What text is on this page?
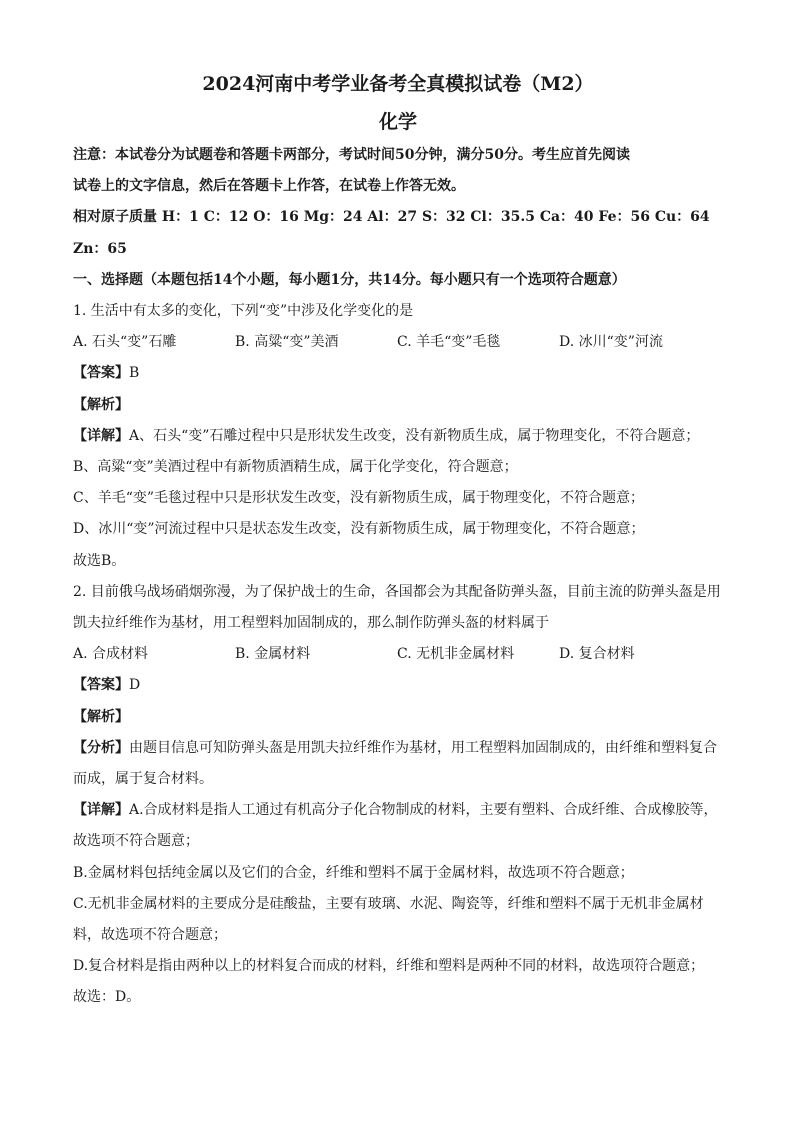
2024河南中考学业备考全真模拟试卷（M2）
化学
注意：本试卷分为试题卷和答题卡两部分，考试时间50分钟，满分50分。考生应首先阅读
试卷上的文字信息，然后在答题卡上作答，在试卷上作答无效。
相对原子质量 H：1 C：12 O：16 Mg：24 Al：27 S：32 Cl：35.5 Ca：40 Fe：56 Cu：64
Zn：65
一、选择题（本题包括14个小题，每小题1分，共14分。每小题只有一个选项符合题意）
1. 生活中有太多的变化，下列“变”中涉及化学变化的是
A. 石头“变”石雕	B. 高粱“变”美酒	C. 羊毛“变”毛毯	D. 冰川“变”河流
【答案】B
【解析】
【详解】A、石头“变”石雕过程中只是形状发生改变，没有新物质生成，属于物理变化，不符合题意；
B、高粱“变”美酒过程中有新物质酒精生成，属于化学变化，符合题意；
C、羊毛“变”毛毯过程中只是形状发生改变，没有新物质生成，属于物理变化，不符合题意；
D、冰川“变”河流过程中只是状态发生改变，没有新物质生成，属于物理变化，不符合题意；
故选B。
2. 目前俄乌战场硝烟弥漫，为了保护战士的生命，各国都会为其配备防弹头盔，目前主流的防弹头盔是用
凯夫拉纤维作为基材，用工程塑料加固制成的，那么制作防弹头盔的材料属于
A. 合成材料	B. 金属材料	C. 无机非金属材料	D. 复合材料
【答案】D
【解析】
【分析】由题目信息可知防弹头盔是用凯夫拉纤维作为基材，用工程塑料加固制成的，由纤维和塑料复合
而成，属于复合材料。
【详解】A.合成材料是指人工通过有机高分子化合物制成的材料，主要有塑料、合成纤维、合成橡胶等，
故选项不符合题意；
B.金属材料包括纯金属以及它们的合金，纤维和塑料不属于金属材料，故选项不符合题意；
C.无机非金属材料的主要成分是硅酸盐，主要有玻璃、水泥、陶瓷等，纤维和塑料不属于无机非金属材
料，故选项不符合题意；
D.复合材料是指由两种以上的材料复合而成的材料，纤维和塑料是两种不同的材料，故选项符合题意；
故选：D。
